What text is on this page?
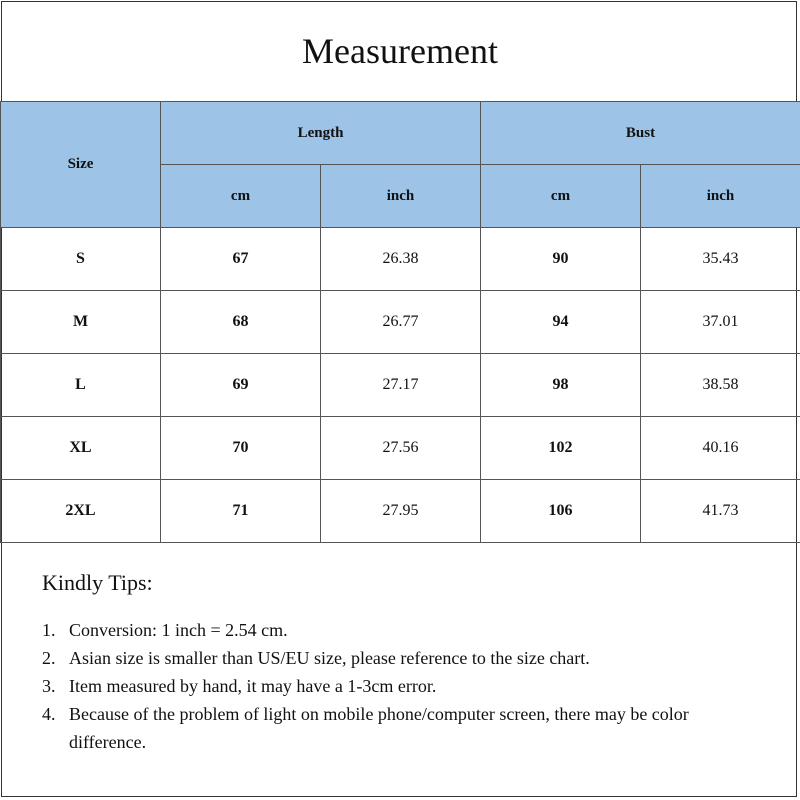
Measurement
Size	Length		Bust	
	cm	inch	cm	inch
S	67	26.38	90	35.43
M	68	26.77	94	37.01
L	69	27.17	98	38.58
XL	70	27.56	102	40.16
2XL	71	27.95	106	41.73
Kindly Tips:
1. Conversion: 1 inch = 2.54 cm.
2. Asian size is smaller than US/EU size, please reference to the size chart.
3. Item measured by hand, it may have a 1-3cm error.
4. Because of the problem of light on mobile phone/computer screen, there may be color difference.
